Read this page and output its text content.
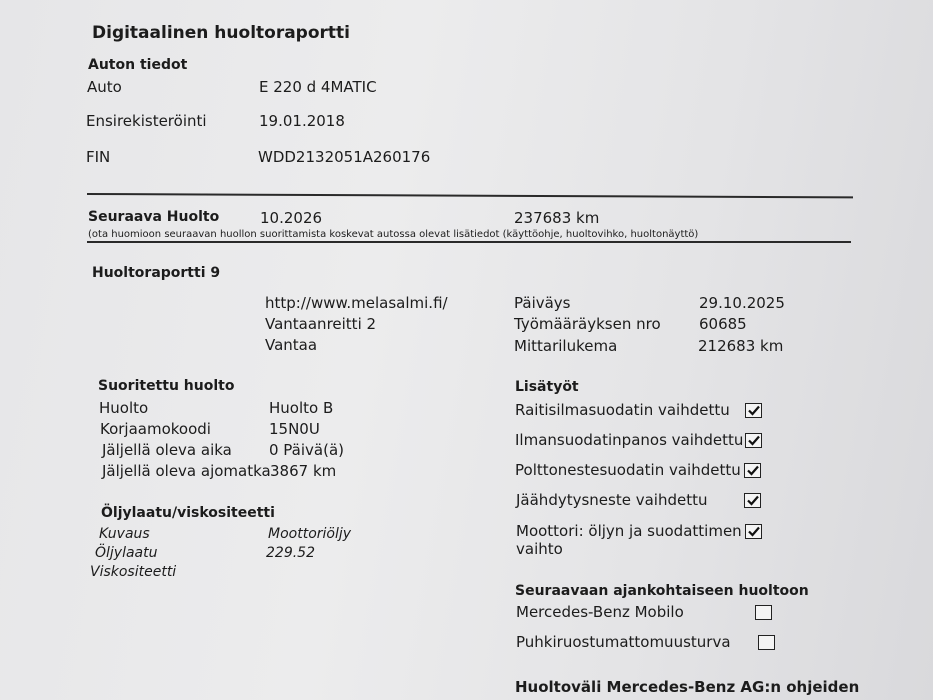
Digitaalinen huoltoraportti
Auton tiedot
Auto	E 220 d 4MATIC
Ensirekisteröinti	19.01.2018
FIN	WDD2132051A260176
Seuraava Huolto	10.2026	237683 km
(ota huomioon seuraavan huollon suorittamista koskevat autossa olevat lisätiedot (käyttöohje, huoltovihko, huoltonäyttö)
Huoltoraportti 9
http://www.melasalmi.fi/
Vantaanreitti 2
Vantaa
Päiväys	29.10.2025
Työmääräyksen nro	60685
Mittarilukema	212683 km
Suoritettu huolto
Huolto	Huolto B
Korjaamokoodi	15N0U
Jäljellä oleva aika 0 Päivä(ä)
Jäljellä oleva ajomatka 3867 km
Öljylaatu/viskositeetti
Kuvaus	Moottoriöljy
Öljylaatu	229.52
Viskositeetti
Lisätyöt
Raitisilmasuodatin vaihdettu
Ilmansuodatinpanos vaihdettu
Polttonestesuodatin vaihdettu
Jäähdytysneste vaihdettu
Moottori: öljyn ja suodattimen
vaihto
Seuraavaan ajankohtaiseen huoltoon
Mercedes-Benz Mobilo
Puhkiruostumattomuusturva
Huoltoväli Mercedes-Benz AG:n ohjeiden
